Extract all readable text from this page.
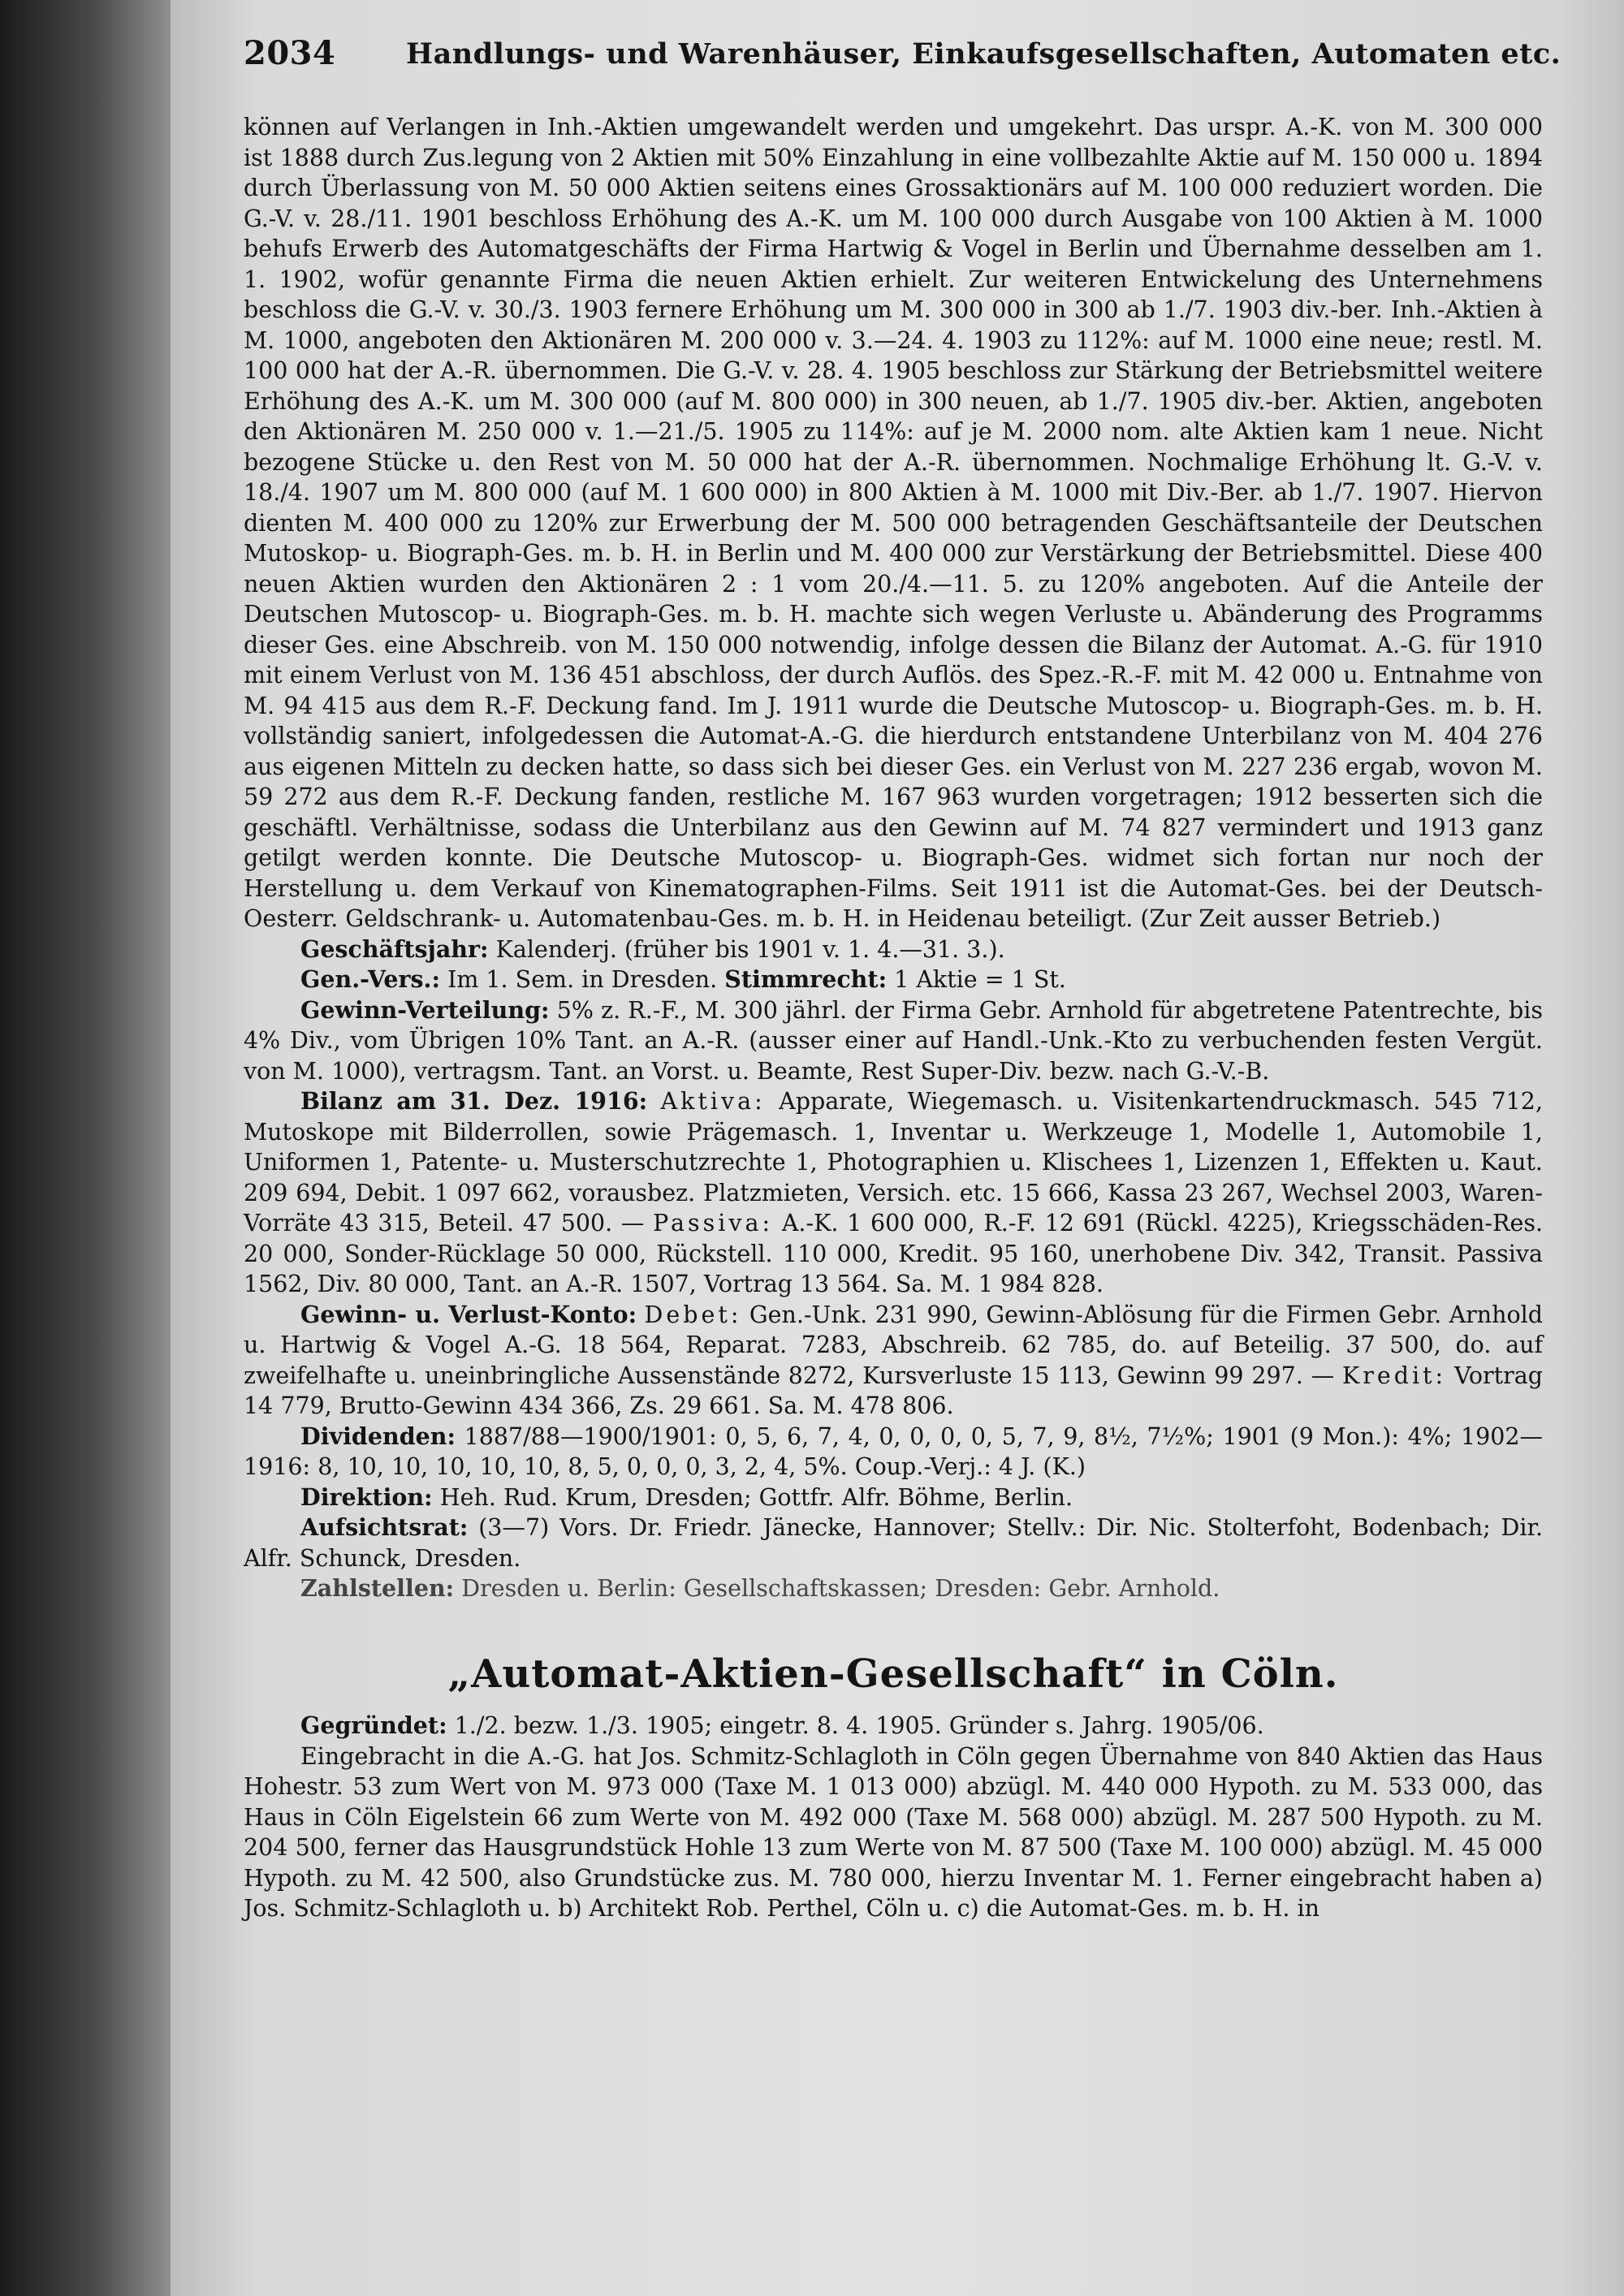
2034 Handlungs- und Warenhäuser, Einkaufsgesellschaften, Automaten etc.

können auf Verlangen in Inh.-Aktien umgewandelt werden und umgekehrt. Das urspr. A.-K. von M. 300 000 ist 1888 durch Zus.legung von 2 Aktien mit 50% Einzahlung in eine vollbezahlte Aktie auf M. 150 000 u. 1894 durch Überlassung von M. 50 000 Aktien seitens eines Grossaktionärs auf M. 100 000 reduziert worden. Die G.-V. v. 28./11. 1901 beschloss Erhöhung des A.-K. um M. 100 000 durch Ausgabe von 100 Aktien à M. 1000 behufs Erwerb des Automatgeschäfts der Firma Hartwig & Vogel in Berlin und Übernahme desselben am 1. 1. 1902, wofür genannte Firma die neuen Aktien erhielt. Zur weiteren Entwickelung des Unternehmens beschloss die G.-V. v. 30./3. 1903 fernere Erhöhung um M. 300 000 in 300 ab 1./7. 1903 div.-ber. Inh.-Aktien à M. 1000, angeboten den Aktionären M. 200 000 v. 3.—24. 4. 1903 zu 112%: auf M. 1000 eine neue; restl. M. 100 000 hat der A.-R. übernommen. Die G.-V. v. 28. 4. 1905 beschloss zur Stärkung der Betriebsmittel weitere Erhöhung des A.-K. um M. 300 000 (auf M. 800 000) in 300 neuen, ab 1./7. 1905 div.-ber. Aktien, angeboten den Aktionären M. 250 000 v. 1.—21./5. 1905 zu 114%: auf je M. 2000 nom. alte Aktien kam 1 neue. Nicht bezogene Stücke u. den Rest von M. 50 000 hat der A.-R. übernommen. Nochmalige Erhöhung lt. G.-V. v. 18./4. 1907 um M. 800 000 (auf M. 1 600 000) in 800 Aktien à M. 1000 mit Div.-Ber. ab 1./7. 1907. Hiervon dienten M. 400 000 zu 120% zur Erwerbung der M. 500 000 betragenden Geschäftsanteile der Deutschen Mutoskop- u. Biograph-Ges. m. b. H. in Berlin und M. 400 000 zur Verstärkung der Betriebsmittel. Diese 400 neuen Aktien wurden den Aktionären 2 : 1 vom 20./4.—11. 5. zu 120% angeboten. Auf die Anteile der Deutschen Mutoscop- u. Biograph-Ges. m. b. H. machte sich wegen Verluste u. Abänderung des Programms dieser Ges. eine Abschreib. von M. 150 000 notwendig, infolge dessen die Bilanz der Automat. A.-G. für 1910 mit einem Verlust von M. 136 451 abschloss, der durch Auflös. des Spez.-R.-F. mit M. 42 000 u. Entnahme von M. 94 415 aus dem R.-F. Deckung fand. Im J. 1911 wurde die Deutsche Mutoscop- u. Biograph-Ges. m. b. H. vollständig saniert, infolgedessen die Automat-A.-G. die hierdurch entstandene Unterbilanz von M. 404 276 aus eigenen Mitteln zu decken hatte, so dass sich bei dieser Ges. ein Verlust von M. 227 236 ergab, wovon M. 59 272 aus dem R.-F. Deckung fanden, restliche M. 167 963 wurden vorgetragen; 1912 besserten sich die geschäftl. Verhältnisse, sodass die Unterbilanz aus den Gewinn auf M. 74 827 vermindert und 1913 ganz getilgt werden konnte. Die Deutsche Mutoscop- u. Biograph-Ges. widmet sich fortan nur noch der Herstellung u. dem Verkauf von Kinematographen-Films. Seit 1911 ist die Automat-Ges. bei der Deutsch-Oesterr. Geldschrank- u. Automatenbau-Ges. m. b. H. in Heidenau beteiligt. (Zur Zeit ausser Betrieb.)

Geschäftsjahr: Kalenderj. (früher bis 1901 v. 1. 4.—31. 3.).

Gen.-Vers.: Im 1. Sem. in Dresden. Stimmrecht: 1 Aktie = 1 St.

Gewinn-Verteilung: 5% z. R.-F., M. 300 jährl. der Firma Gebr. Arnhold für abgetretene Patentrechte, bis 4% Div., vom Übrigen 10% Tant. an A.-R. (ausser einer auf Handl.-Unk.-Kto zu verbuchenden festen Vergüt. von M. 1000), vertragsm. Tant. an Vorst. u. Beamte, Rest Super-Div. bezw. nach G.-V.-B.

Bilanz am 31. Dez. 1916: Aktiva: Apparate, Wiegemasch. u. Visitenkartendruckmasch. 545 712, Mutoskope mit Bilderrollen, sowie Prägemasch. 1, Inventar u. Werkzeuge 1, Modelle 1, Automobile 1, Uniformen 1, Patente- u. Musterschutzrechte 1, Photographien u. Klischees 1, Lizenzen 1, Effekten u. Kaut. 209 694, Debit. 1 097 662, vorausbez. Platzmieten, Versich. etc. 15 666, Kassa 23 267, Wechsel 2003, Waren-Vorräte 43 315, Beteil. 47 500. — Passiva: A.-K. 1 600 000, R.-F. 12 691 (Rückl. 4225), Kriegsschäden-Res. 20 000, Sonder-Rücklage 50 000, Rückstell. 110 000, Kredit. 95 160, unerhobene Div. 342, Transit. Passiva 1562, Div. 80 000, Tant. an A.-R. 1507, Vortrag 13 564. Sa. M. 1 984 828.

Gewinn- u. Verlust-Konto: Debet: Gen.-Unk. 231 990, Gewinn-Ablösung für die Firmen Gebr. Arnhold u. Hartwig & Vogel A.-G. 18 564, Reparat. 7283, Abschreib. 62 785, do. auf Beteilig. 37 500, do. auf zweifelhafte u. uneinbringliche Aussenstände 8272, Kursverluste 15 113, Gewinn 99 297. — Kredit: Vortrag 14 779, Brutto-Gewinn 434 366, Zs. 29 661. Sa. M. 478 806.

Dividenden: 1887/88—1900/1901: 0, 5, 6, 7, 4, 0, 0, 0, 0, 5, 7, 9, 8½, 7½%; 1901 (9 Mon.): 4%; 1902—1916: 8, 10, 10, 10, 10, 10, 8, 5, 0, 0, 0, 3, 2, 4, 5%. Coup.-Verj.: 4 J. (K.)

Direktion: Heh. Rud. Krum, Dresden; Gottfr. Alfr. Böhme, Berlin.

Aufsichtsrat: (3—7) Vors. Dr. Friedr. Jänecke, Hannover; Stellv.: Dir. Nic. Stolterfoht, Bodenbach; Dir. Alfr. Schunck, Dresden.

Zahlstellen: Dresden u. Berlin: Gesellschaftskassen; Dresden: Gebr. Arnhold.

„Automat-Aktien-Gesellschaft“ in Cöln.

Gegründet: 1./2. bezw. 1./3. 1905; eingetr. 8. 4. 1905. Gründer s. Jahrg. 1905/06.

Eingebracht in die A.-G. hat Jos. Schmitz-Schlagloth in Cöln gegen Übernahme von 840 Aktien das Haus Hohestr. 53 zum Wert von M. 973 000 (Taxe M. 1 013 000) abzügl. M. 440 000 Hypoth. zu M. 533 000, das Haus in Cöln Eigelstein 66 zum Werte von M. 492 000 (Taxe M. 568 000) abzügl. M. 287 500 Hypoth. zu M. 204 500, ferner das Hausgrundstück Hohle 13 zum Werte von M. 87 500 (Taxe M. 100 000) abzügl. M. 45 000 Hypoth. zu M. 42 500, also Grundstücke zus. M. 780 000, hierzu Inventar M. 1. Ferner eingebracht haben a) Jos. Schmitz-Schlagloth u. b) Architekt Rob. Perthel, Cöln u. c) die Automat-Ges. m. b. H. in
